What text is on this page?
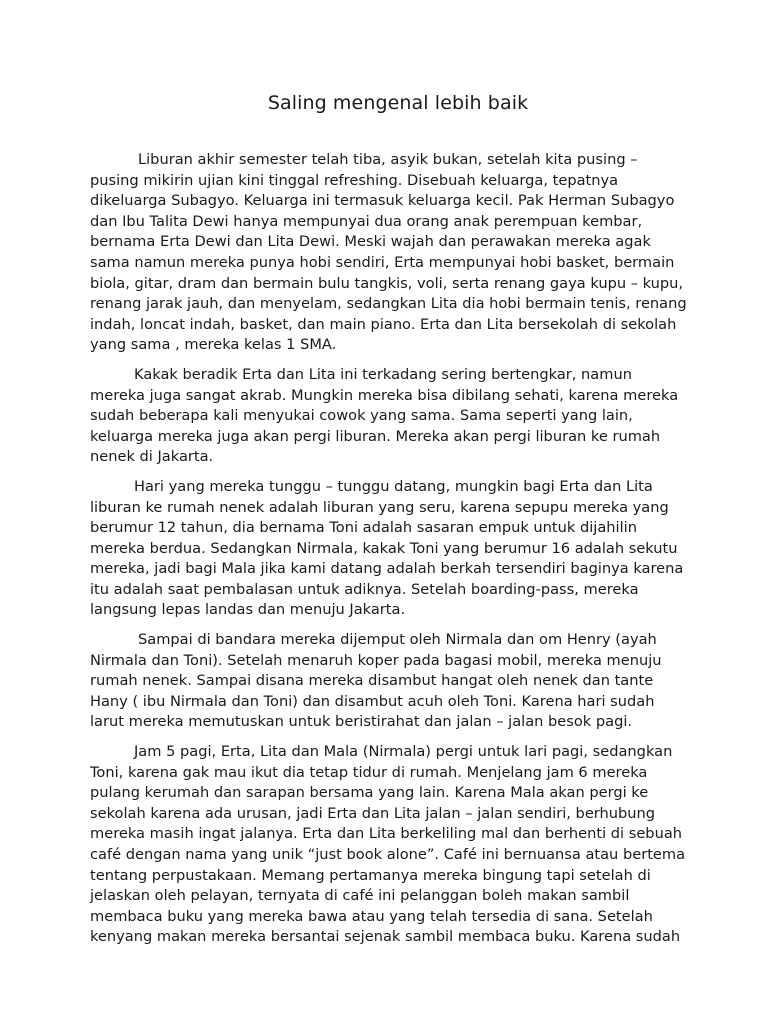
Saling mengenal lebih baik

Liburan akhir semester telah tiba, asyik bukan, setelah kita pusing – pusing mikirin ujian kini tinggal refreshing. Disebuah keluarga, tepatnya dikeluarga Subagyo. Keluarga ini termasuk keluarga kecil. Pak Herman Subagyo dan Ibu Talita Dewi hanya mempunyai dua orang anak perempuan kembar, bernama Erta Dewi dan Lita Dewi. Meski wajah dan perawakan mereka agak sama namun mereka punya hobi sendiri, Erta mempunyai hobi basket, bermain biola, gitar, dram dan bermain bulu tangkis, voli, serta renang gaya kupu – kupu, renang jarak jauh, dan menyelam, sedangkan Lita dia hobi bermain tenis, renang indah, loncat indah, basket, dan main piano. Erta dan Lita bersekolah di sekolah yang sama , mereka kelas 1 SMA.

Kakak beradik Erta dan Lita ini terkadang sering bertengkar, namun mereka juga sangat akrab. Mungkin mereka bisa dibilang sehati, karena mereka sudah beberapa kali menyukai cowok yang sama. Sama seperti yang lain, keluarga mereka juga akan pergi liburan. Mereka akan pergi liburan ke rumah nenek di Jakarta.

Hari yang mereka tunggu – tunggu datang, mungkin bagi Erta dan Lita liburan ke rumah nenek adalah liburan yang seru, karena sepupu mereka yang berumur 12 tahun, dia bernama Toni adalah sasaran empuk untuk dijahilin mereka berdua. Sedangkan Nirmala, kakak Toni yang berumur 16 adalah sekutu mereka, jadi bagi Mala jika kami datang adalah berkah tersendiri baginya karena itu adalah saat pembalasan untuk adiknya. Setelah boarding-pass, mereka langsung lepas landas dan menuju Jakarta.

Sampai di bandara mereka dijemput oleh Nirmala dan om Henry (ayah Nirmala dan Toni). Setelah menaruh koper pada bagasi mobil, mereka menuju rumah nenek. Sampai disana mereka disambut hangat oleh nenek dan tante Hany ( ibu Nirmala dan Toni) dan disambut acuh oleh Toni. Karena hari sudah larut mereka memutuskan untuk beristirahat dan jalan – jalan besok pagi.

Jam 5 pagi, Erta, Lita dan Mala (Nirmala) pergi untuk lari pagi, sedangkan Toni, karena gak mau ikut dia tetap tidur di rumah. Menjelang jam 6 mereka pulang kerumah dan sarapan bersama yang lain. Karena Mala akan pergi ke sekolah karena ada urusan, jadi Erta dan Lita jalan – jalan sendiri, berhubung mereka masih ingat jalanya. Erta dan Lita berkeliling mal dan berhenti di sebuah café dengan nama yang unik “just book alone”. Café ini bernuansa atau bertema tentang perpustakaan. Memang pertamanya mereka bingung tapi setelah di jelaskan oleh pelayan, ternyata di café ini pelanggan boleh makan sambil membaca buku yang mereka bawa atau yang telah tersedia di sana. Setelah kenyang makan mereka bersantai sejenak sambil membaca buku. Karena sudah
